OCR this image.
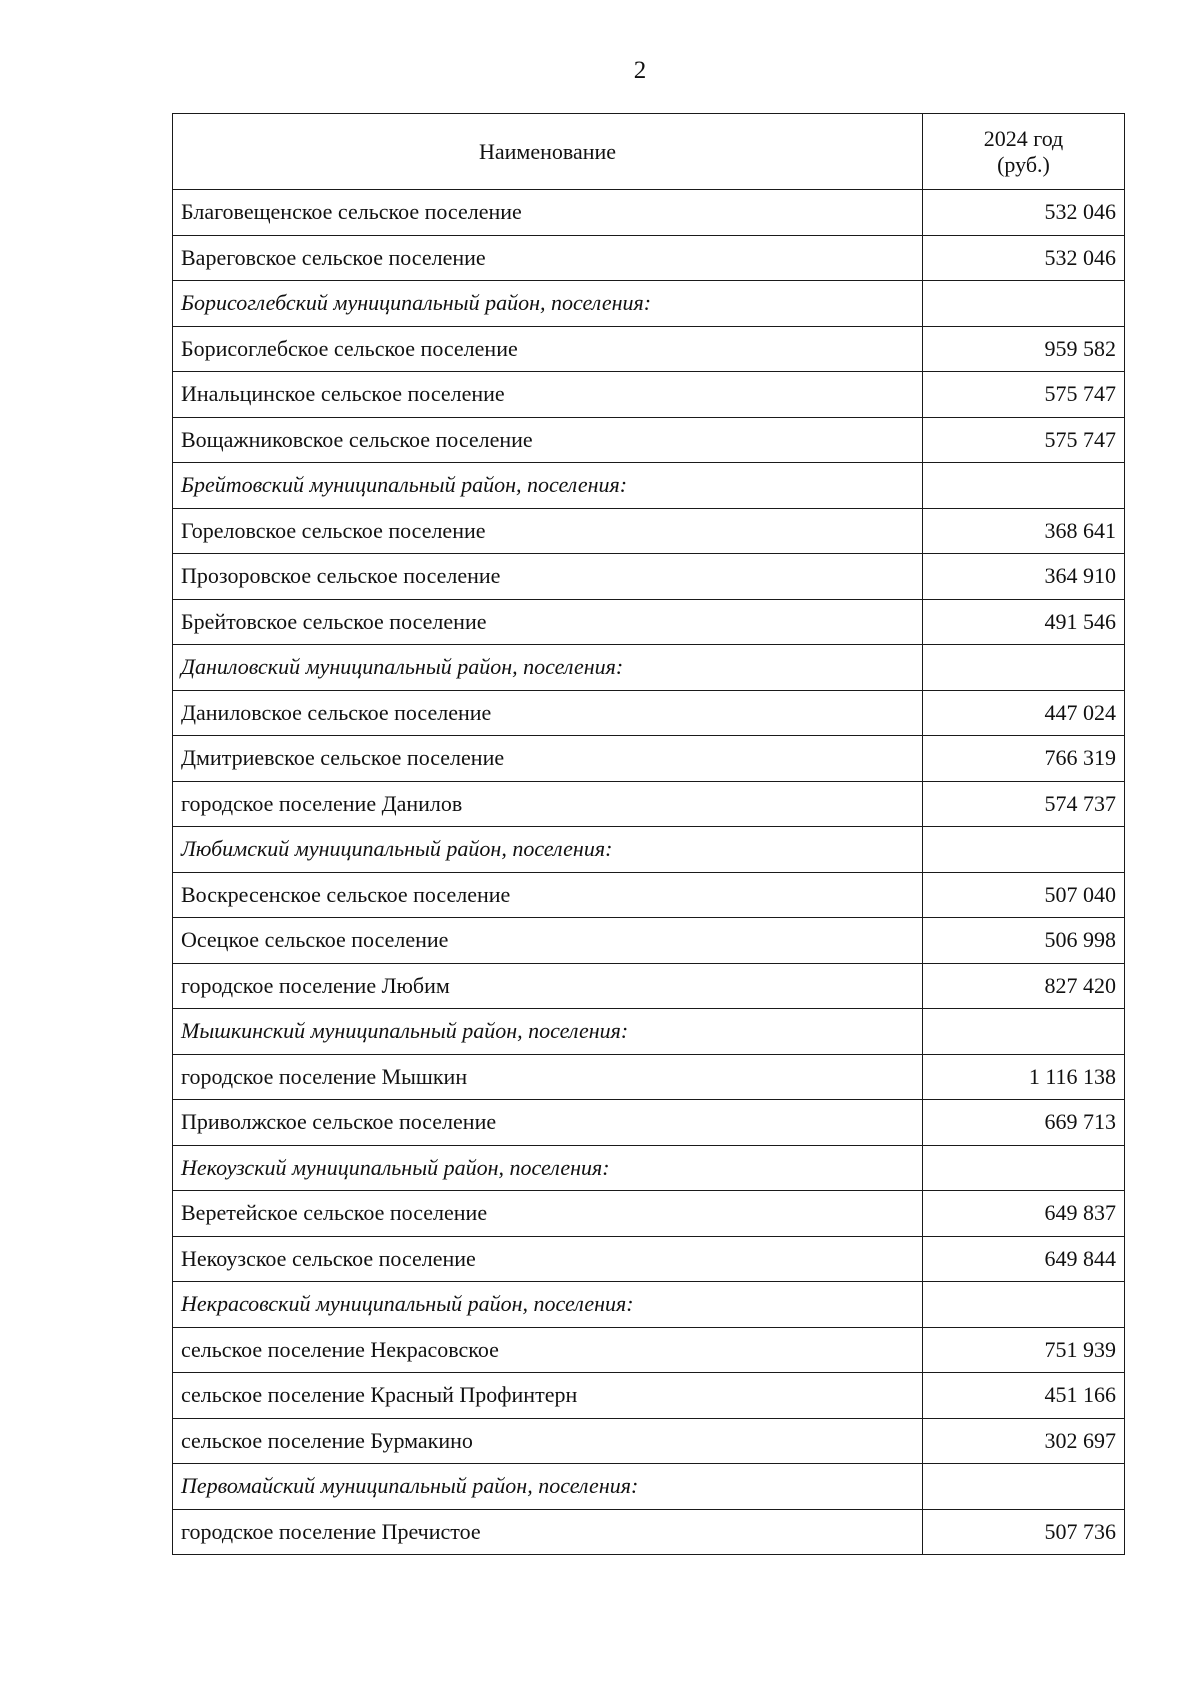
2
Наименование	2024 год
(руб.)

Благовещенское сельское поселение	532 046
Вареговское сельское поселение	532 046
Борисоглебский муниципальный район, поселения:	
Борисоглебское сельское поселение	959 582
Инальцинское сельское поселение	575 747
Вощажниковское сельское поселение	575 747
Брейтовский муниципальный район, поселения:	
Гореловское сельское поселение	368 641
Прозоровское сельское поселение	364 910
Брейтовское сельское поселение	491 546
Даниловский муниципальный район, поселения:	
Даниловское сельское поселение	447 024
Дмитриевское сельское поселение	766 319
городское поселение Данилов	574 737
Любимский муниципальный район, поселения:	
Воскресенское сельское поселение	507 040
Осецкое сельское поселение	506 998
городское поселение Любим	827 420
Мышкинский муниципальный район, поселения:	
городское поселение Мышкин	1 116 138
Приволжское сельское поселение	669 713
Некоузский муниципальный район, поселения:	
Веретейское сельское поселение	649 837
Некоузское сельское поселение	649 844
Некрасовский муниципальный район, поселения:	
сельское поселение Некрасовское	751 939
сельское поселение Красный Профинтерн	451 166
сельское поселение Бурмакино	302 697
Первомайский муниципальный район, поселения:	
городское поселение Пречистое	507 736
